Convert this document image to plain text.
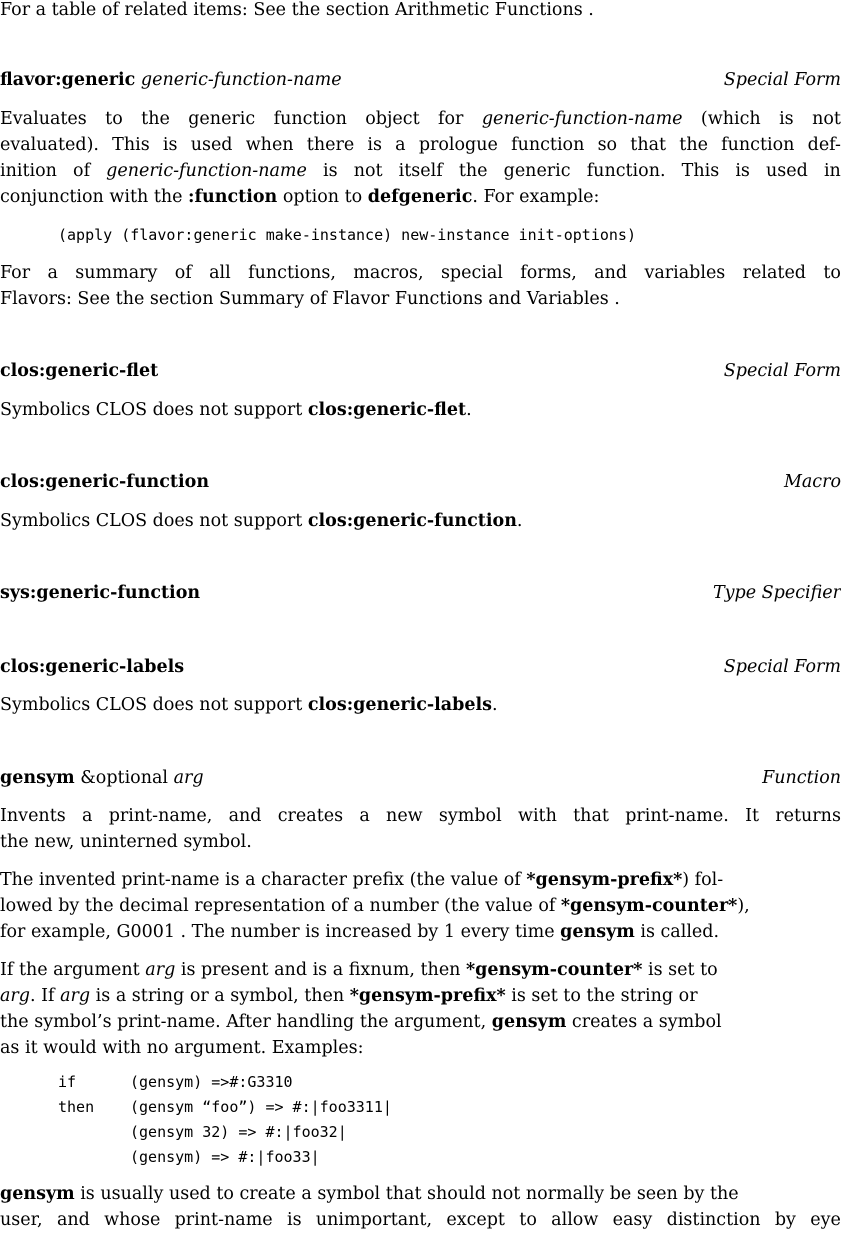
For a table of related items: See the section Arithmetic Functions .
flavor:generic generic-function-name	Special Form
Evaluates to the generic function object for generic-function-name (which is not
evaluated). This is used when there is a prologue function so that the function def-
inition of generic-function-name is not itself the generic function. This is used in
conjunction with the :function option to defgeneric. For example:
(apply (flavor:generic make-instance) new-instance init-options)
For a summary of all functions, macros, special forms, and variables related to
Flavors: See the section Summary of Flavor Functions and Variables .
clos:generic-flet	Special Form
Symbolics CLOS does not support clos:generic-flet.
clos:generic-function	Macro
Symbolics CLOS does not support clos:generic-function.
sys:generic-function	Type Specifier
clos:generic-labels	Special Form
Symbolics CLOS does not support clos:generic-labels.
gensym &optional arg	Function
Invents a print-name, and creates a new symbol with that print-name. It returns
the new, uninterned symbol.
The invented print-name is a character prefix (the value of *gensym-prefix*) fol-
lowed by the decimal representation of a number (the value of *gensym-counter*),
for example, G0001 . The number is increased by 1 every time gensym is called.
If the argument arg is present and is a fixnum, then *gensym-counter* is set to
arg. If arg is a string or a symbol, then *gensym-prefix* is set to the string or
the symbol’s print-name. After handling the argument, gensym creates a symbol
as it would with no argument. Examples:
if	(gensym) =>#:G3310
then (gensym “foo”) => #:|foo3311|
(gensym 32) => #:|foo32|
(gensym) => #:|foo33|
gensym is usually used to create a symbol that should not normally be seen by the
user, and whose print-name is unimportant, except to allow easy distinction by eye
